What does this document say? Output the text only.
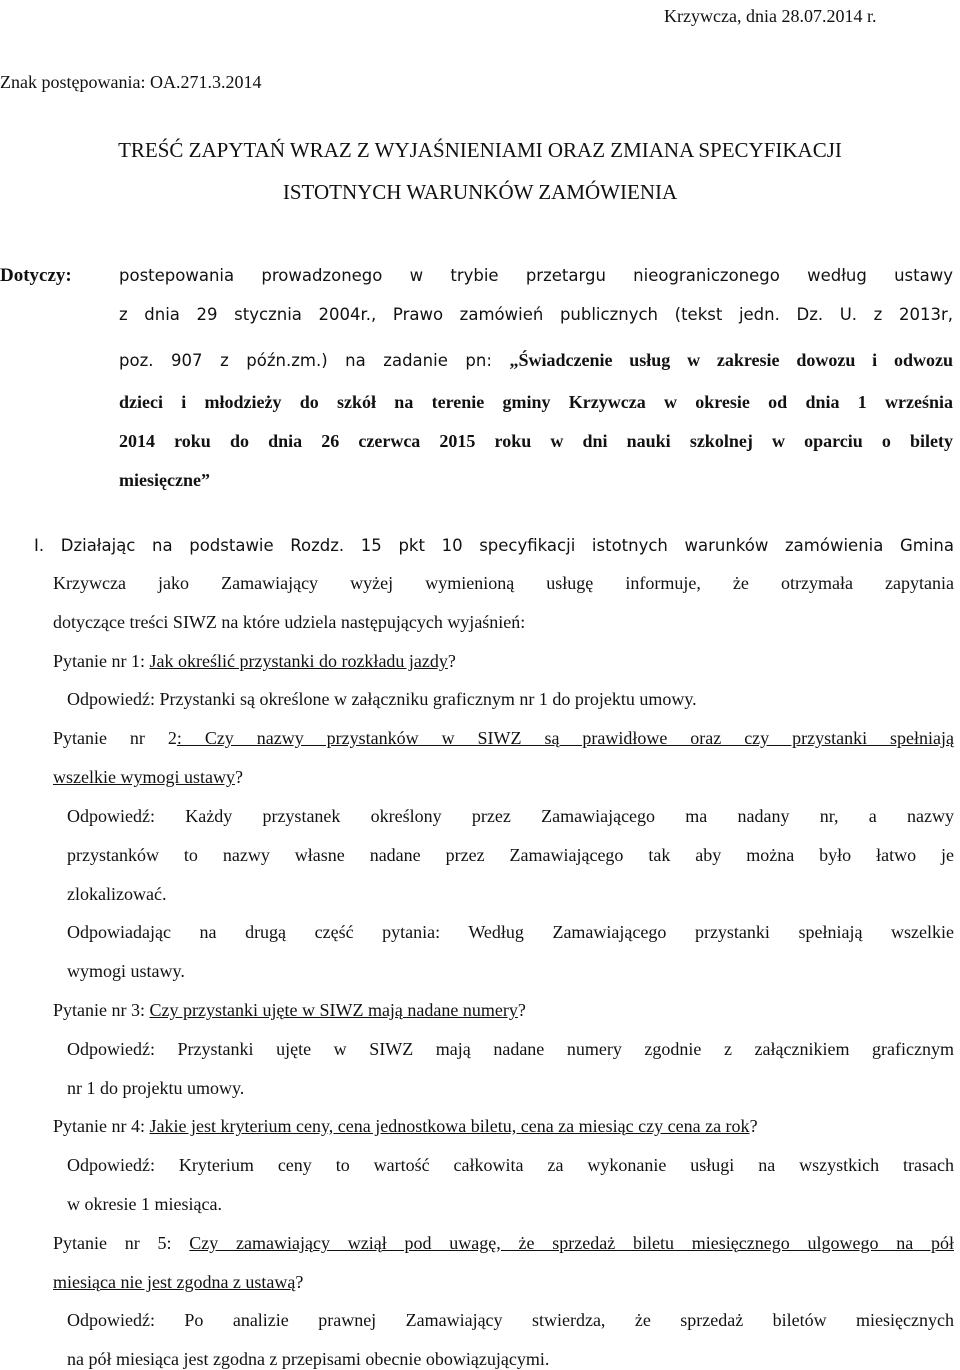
Krzywcza, dnia 28.07.2014 r.
Znak postępowania: OA.271.3.2014
TREŚĆ ZAPYTAŃ WRAZ Z WYJAŚNIENIAMI ORAZ ZMIANA SPECYFIKACJI
ISTOTNYCH WARUNKÓW ZAMÓWIENIA
Dotyczy:	postepowania prowadzonego w trybie przetargu nieograniczonego według ustawy
z dnia 29 stycznia 2004r., Prawo zamówień publicznych (tekst jedn. Dz. U. z 2013r,
poz. 907 z późn.zm.) na zadanie pn: „Świadczenie usług w zakresie dowozu i odwozu
dzieci i młodzieży do szkół na terenie gminy Krzywcza w okresie od dnia 1 września
2014 roku do dnia 26 czerwca 2015 roku w dni nauki szkolnej w oparciu o bilety
miesięczne”
I. Działając na podstawie Rozdz. 15 pkt 10 specyfikacji istotnych warunków zamówienia Gmina
Krzywcza jako Zamawiający wyżej wymienioną usługę informuje, że otrzymała zapytania
dotyczące treści SIWZ na które udziela następujących wyjaśnień:
Pytanie nr 1: Jak określić przystanki do rozkładu jazdy?
Odpowiedź: Przystanki są określone w załączniku graficznym nr 1 do projektu umowy.
Pytanie nr 2: Czy nazwy przystanków w SIWZ są prawidłowe oraz czy przystanki spełniają
wszelkie wymogi ustawy?
Odpowiedź: Każdy przystanek określony przez Zamawiającego ma nadany nr, a nazwy
przystanków to nazwy własne nadane przez Zamawiającego tak aby można było łatwo je
zlokalizować.
Odpowiadając na drugą część pytania: Według Zamawiającego przystanki spełniają wszelkie
wymogi ustawy.
Pytanie nr 3: Czy przystanki ujęte w SIWZ mają nadane numery?
Odpowiedź: Przystanki ujęte w SIWZ mają nadane numery zgodnie z załącznikiem graficznym
nr 1 do projektu umowy.
Pytanie nr 4: Jakie jest kryterium ceny, cena jednostkowa biletu, cena za miesiąc czy cena za rok?
Odpowiedź: Kryterium ceny to wartość całkowita za wykonanie usługi na wszystkich trasach
w okresie 1 miesiąca.
Pytanie nr 5: Czy zamawiający wziął pod uwagę, że sprzedaż biletu miesięcznego ulgowego na pół
miesiąca nie jest zgodna z ustawą?
Odpowiedź: Po analizie prawnej Zamawiający stwierdza, że sprzedaż biletów miesięcznych
na pół miesiąca jest zgodna z przepisami obecnie obowiązującymi.
